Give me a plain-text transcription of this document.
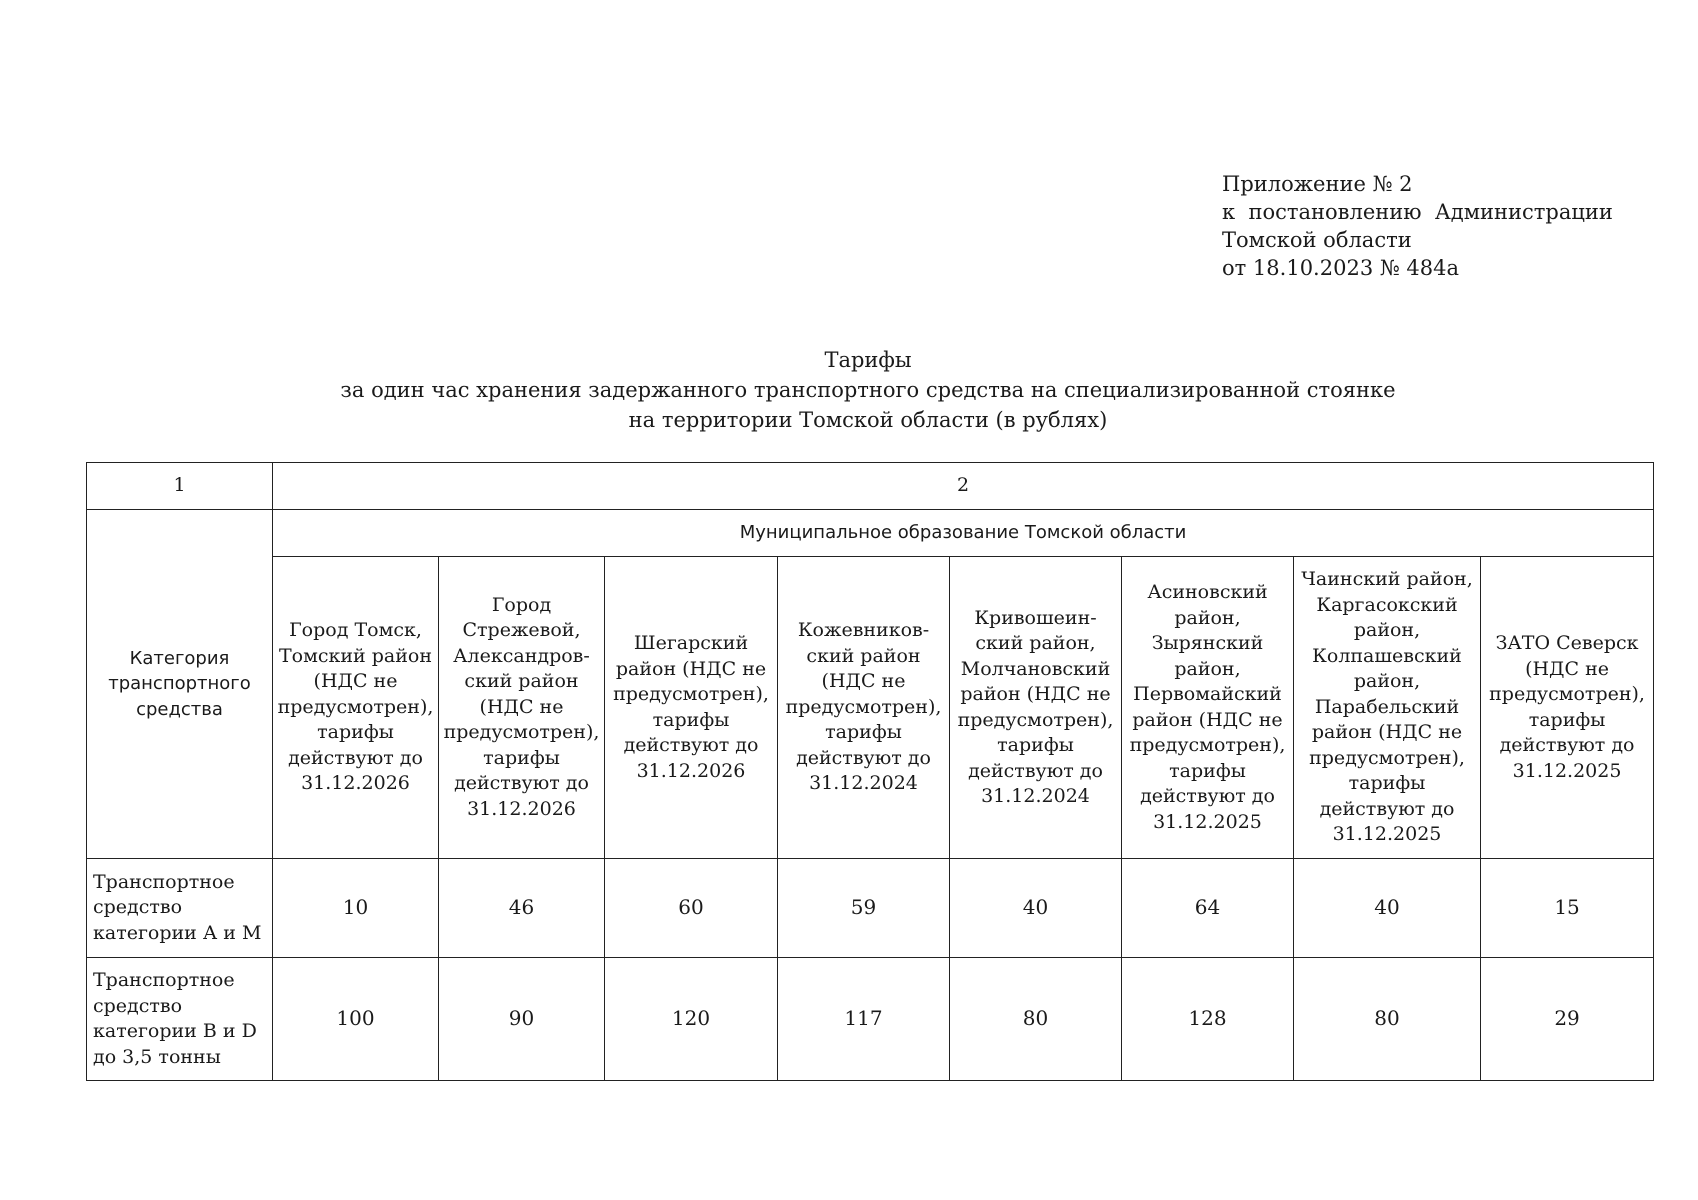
Приложение № 2
к  постановлению  Администрации
Томской области
от 18.10.2023 № 484а
Тарифы
за один час хранения задержанного транспортного средства на специализированной стоянке
на территории Томской области (в рублях)
1	2							
Категория транспортного средства	Муниципальное образование Томской области							
	Город Томск, Томский район (НДС не предусмотрен), тарифы действуют до 31.12.2026	Город Стрежевой, Александров-ский район (НДС не предусмотрен), тарифы действуют до 31.12.2026	Шегарский район (НДС не предусмотрен), тарифы действуют до 31.12.2026	Кожевников-ский район (НДС не предусмотрен), тарифы действуют до 31.12.2024	Кривошеин-ский район, Молчановский район (НДС не предусмотрен), тарифы действуют до 31.12.2024	Асиновский район, Зырянский район, Первомайский район (НДС не предусмотрен), тарифы действуют до 31.12.2025	Чаинский район, Каргасокский район, Колпашевский район, Парабельский район (НДС не предусмотрен), тарифы действуют до 31.12.2025	ЗАТО Северск (НДС не предусмотрен), тарифы действуют до 31.12.2025
Транспортное средство категории А и М	10	46	60	59	40	64	40	15
Транспортное средство категории В и D до 3,5 тонны	100	90	120	117	80	128	80	29
